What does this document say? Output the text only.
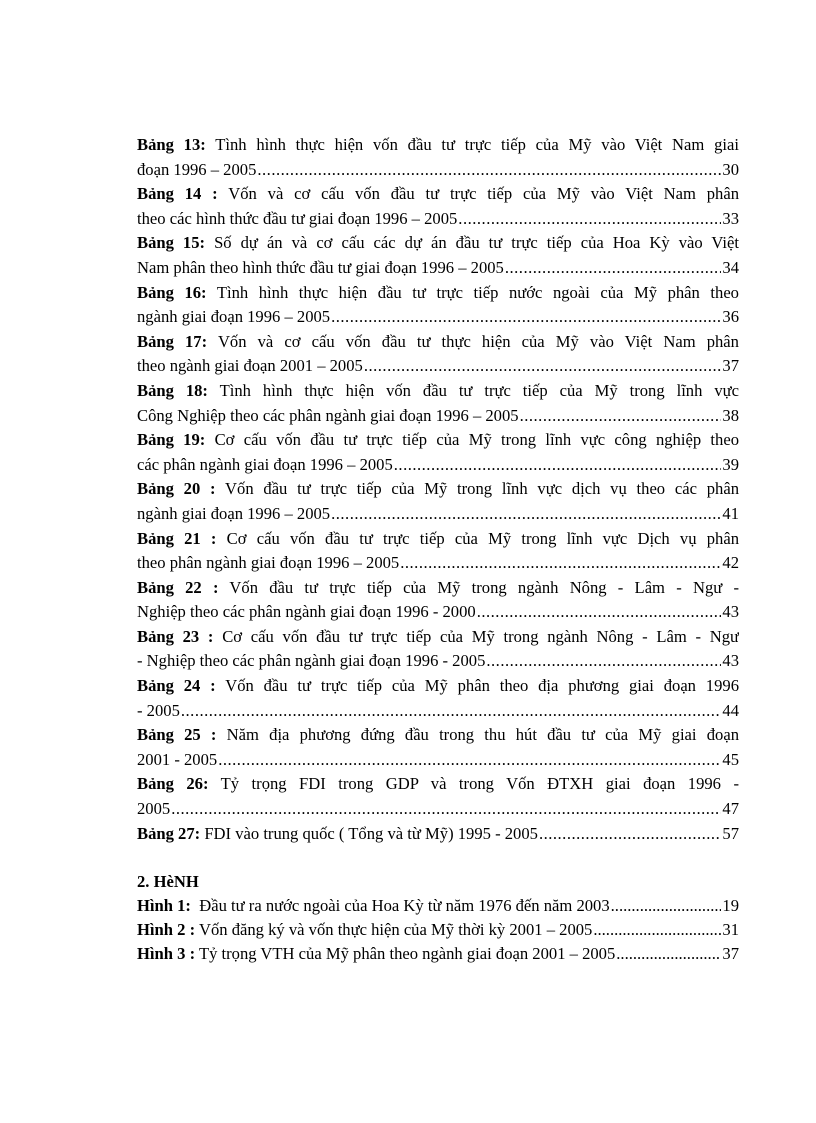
Bảng 13: Tình hình thực hiện vốn đầu tư trực tiếp của Mỹ vào Việt Nam giai
đoạn 1996 – 2005 .....	30
Bảng 14 : Vốn và cơ cấu vốn đầu tư trực tiếp của Mỹ vào Việt Nam phân
theo các hình thức đầu tư giai đoạn 1996 – 2005 .....	33
Bảng 15: Số dự án và cơ cấu các dự án đầu tư trực tiếp của Hoa Kỳ vào Việt
Nam phân theo hình thức đầu tư giai đoạn 1996 – 2005 .....	34
Bảng 16: Tình hình thực hiện đầu tư trực tiếp nước ngoài của Mỹ phân theo
ngành giai đoạn 1996 – 2005 .....	36
Bảng 17: Vốn và cơ cấu vốn đầu tư thực hiện của Mỹ vào Việt Nam phân
theo ngành giai đoạn 2001 – 2005 .....	37
Bảng 18: Tình hình thực hiện vốn đầu tư trực tiếp của Mỹ trong lĩnh vực
Công Nghiệp theo các phân ngành giai đoạn 1996 – 2005 .....	38
Bảng 19: Cơ cấu vốn đầu tư trực tiếp của Mỹ trong lĩnh vực công nghiệp theo
các phân ngành giai đoạn 1996 – 2005 .....	39
Bảng 20 : Vốn đầu tư trực tiếp của Mỹ trong lĩnh vực dịch vụ theo các phân
ngành giai đoạn 1996 – 2005 .....	41
Bảng 21 : Cơ cấu vốn đầu tư trực tiếp của Mỹ trong lĩnh vực Dịch vụ phân
theo phân ngành giai đoạn 1996 – 2005 .....	42
Bảng 22 : Vốn đầu tư trực tiếp của Mỹ trong ngành Nông - Lâm - Ngư -
Nghiệp theo các phân ngành giai đoạn 1996 - 2000 .....	43
Bảng 23 : Cơ cấu vốn đầu tư trực tiếp của Mỹ trong ngành Nông - Lâm - Ngư
- Nghiệp theo các phân ngành giai đoạn 1996 - 2005 .....	43
Bảng 24 : Vốn đầu tư trực tiếp của Mỹ phân theo địa phương giai đoạn 1996
- 2005 .....	44
Bảng 25 : Năm địa phương đứng đầu trong thu hút đầu tư của Mỹ giai đoạn
2001 - 2005 .....	45
Bảng 26: Tỷ trọng FDI trong GDP và trong Vốn ĐTXH giai đoạn 1996 -
2005 .....	47
Bảng 27: FDI vào trung quốc ( Tổng và từ Mỹ) 1995 - 2005 .....	57
2. HèNH
Hình 1: Đầu tư ra nước ngoài của Hoa Kỳ từ năm 1976 đến năm 2003 .....	19
Hình 2 : Vốn đăng ký và vốn thực hiện của Mỹ thời kỳ 2001 – 2005 .....	31
Hình 3 : Tỷ trọng VTH của Mỹ phân theo ngành giai đoạn 2001 – 2005 .....	37
